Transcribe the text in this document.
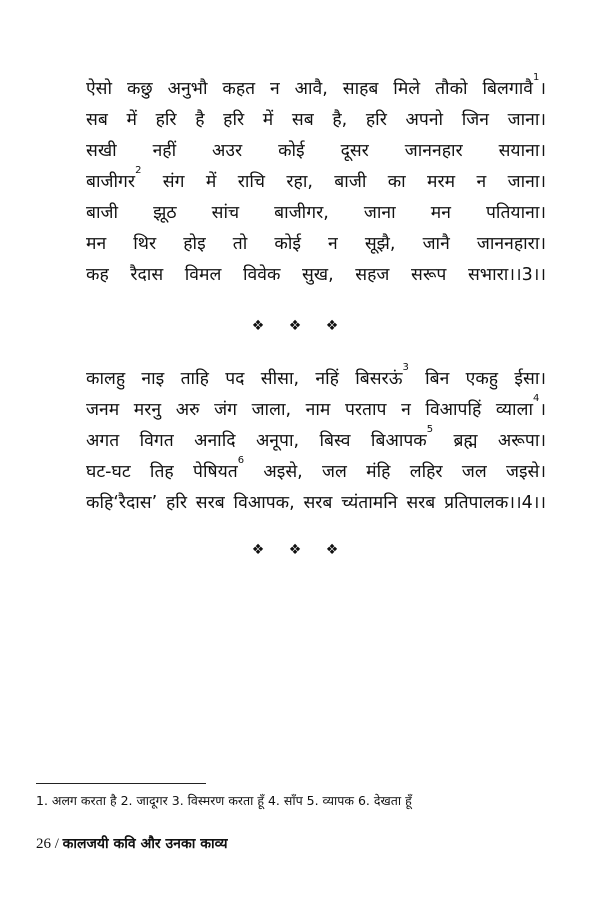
ऐसो कछु अनुभौ कहत न आवै, साहब मिले तौको बिलगावै$^1$।
सब में हरि है हरि में सब है, हरि अपनो जिन जाना।
सखी नहीं अउर कोई दूसर जाननहार सयाना।
बाजीगर$^2$ संग में राचि रहा, बाजी का मरम न जाना।
बाजी झूठ सांच बाजीगर, जाना मन पतियाना।
मन थिर होइ तो कोई न सूझै, जानै जाननहारा।
कह रैदास विमल विवेक सुख, सहज सरूप सभारा।।3।।
❖ ❖ ❖
कालहु नाइ ताहि पद सीसा, नहिं बिसरऊं$^3$ बिन एकहु ईसा।
जनम मरनु अरु जंग जाला, नाम परताप न विआपहिं व्याला$^4$।
अगत विगत अनादि अनूपा, बिस्व बिआपक$^5$ ब्रह्म अरूपा।
घट-घट तिह पेषियत$^6$ अइसे, जल मंहि लहिर जल जइसे।
कहि‘रैदास’ हरि सरब विआपक, सरब च्यंतामनि सरब प्रतिपालक।।4।।
❖ ❖ ❖
1. अलग करता है 2. जादूगर 3. विस्मरण करता हूँ 4. साँप 5. व्यापक 6. देखता हूँ
26 / कालजयी कवि और उनका काव्य
